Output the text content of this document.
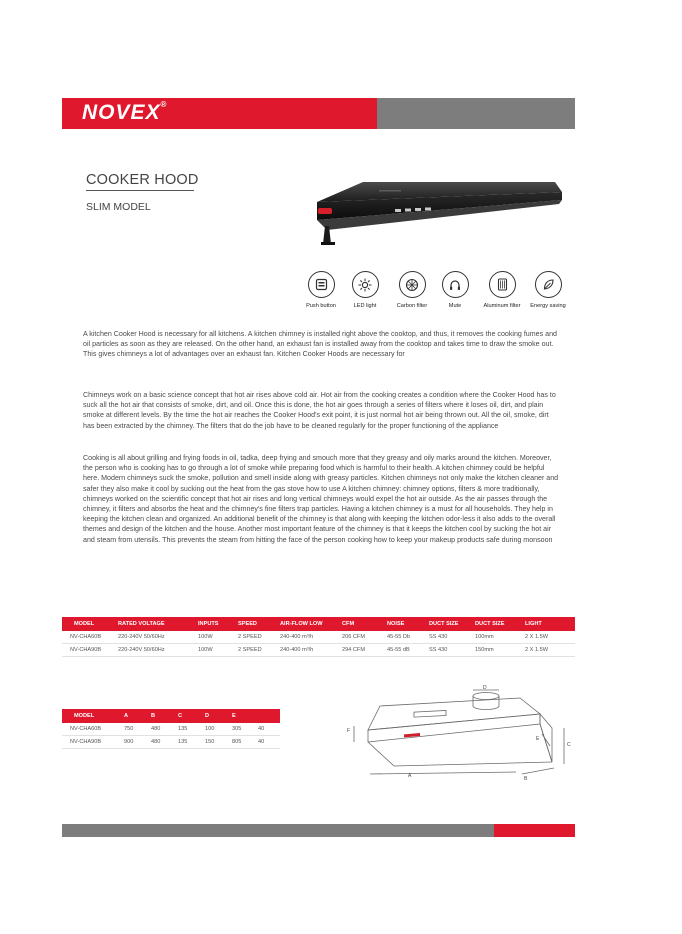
NOVEX®
COOKER HOOD
SLIM MODEL
Push button	LED light	Carbon filter	Mute	Aluminum filter	Energy saving

A kitchen Cooker Hood is necessary for all kitchens. A kitchen chimney is installed right above the cooktop, and thus, it removes the cooking fumes and oil particles as soon as they are released. On the other hand, an exhaust fan is installed away from the cooktop and takes time to draw the smoke out. This gives chimneys a lot of advantages over an exhaust fan. Kitchen Cooker Hoods are necessary for

Chimneys work on a basic science concept that hot air rises above cold air. Hot air from the cooking creates a condition where the Cooker Hood has to suck all the hot air that consists of smoke, dirt, and oil. Once this is done, the hot air goes through a series of filters where it loses oil, dirt, and plain smoke at different levels. By the time the hot air reaches the Cooker Hood's exit point, it is just normal hot air being thrown out. All the oil, smoke, dirt has been extracted by the chimney. The filters that do the job have to be cleaned regularly for the proper functioning of the appliance

Cooking is all about grilling and frying foods in oil, tadka, deep frying and smouch more that they greasy and oily marks around the kitchen. Moreover, the person who is cooking has to go through a lot of smoke while preparing food which is harmful to their health. A kitchen chimney could be helpful here. Modern chimneys suck the smoke, pollution and smell inside along with greasy particles. Kitchen chimneys not only make the kitchen cleaner and safer they also make it cool by sucking out the heat from the gas stove how to use A kitchen chimney: chimney options, filters & more traditionally, chimneys worked on the scientific concept that hot air rises and long vertical chimneys would expel the hot air outside. As the air passes through the chimney, it filters and absorbs the heat and the chimney's fine filters trap particles. Having a kitchen chimney is a must for all households. They help in keeping the kitchen clean and organized. An additional benefit of the chimney is that along with keeping the kitchen odor-less it also adds to the overall themes and design of the kitchen and the house. Another most important feature of the chimney is that it keeps the kitchen cool by sucking the hot air and steam from utensils. This prevents the steam from hitting the face of the person cooking how to keep your makeup products safe during monsoon

MODEL	RATED VOLTAGE	INPUTS	SPEED	AIR-FLOW LOW	CFM	NOISE	DUCT SIZE	DUCT SIZE	LIGHT
NV-CHA60B	220-240V 50/60Hz	100W	2 SPEED	240-400 m³/h	206 CFM	45-55 Db	SS 430	100mm	2 X 1.5W
NV-CHA90B	220-240V 50/60Hz	100W	2 SPEED	240-400 m³/h	294 CFM	45-55 dB	SS 430	150mm	2 X 1.5W
MODEL	A	B	C	D	E	
NV-CHA60B	750	480	135	100	305	40
NV-CHA90B	900	480	135	150	805	40
D
A	B
C
E
F
